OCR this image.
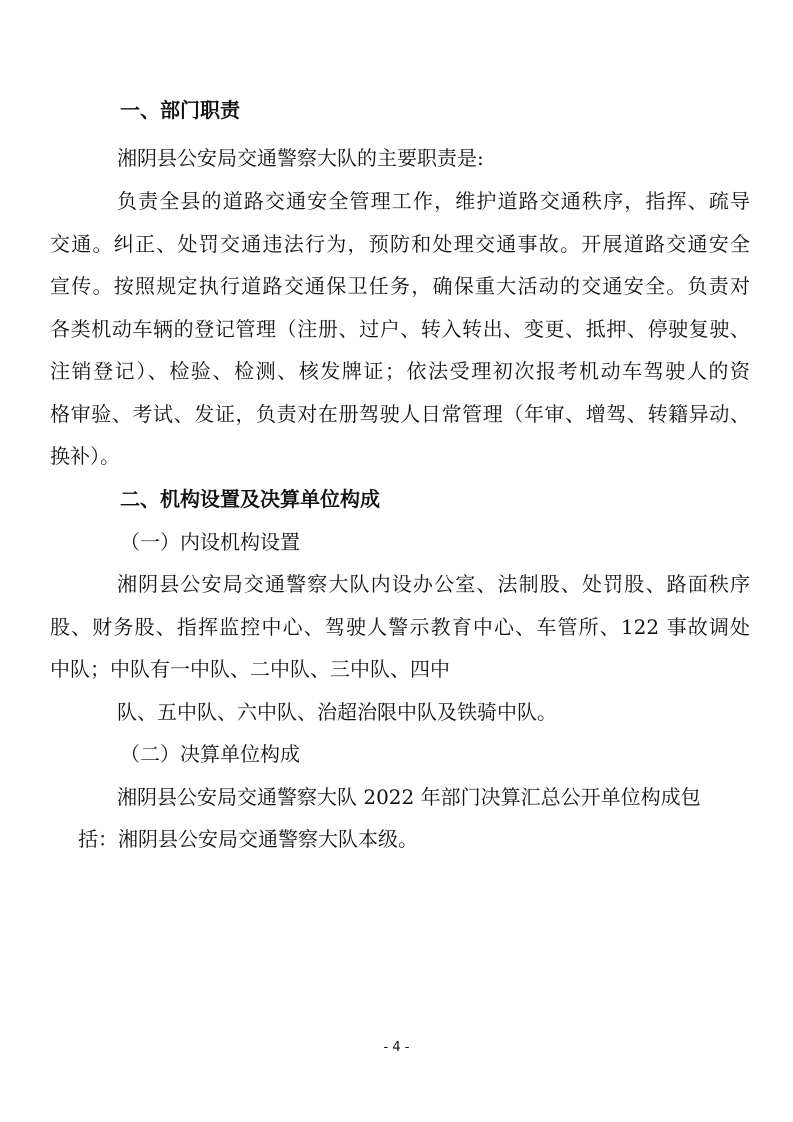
一、部门职责
湘阴县公安局交通警察大队的主要职责是:
负责全县的道路交通安全管理工作，维护道路交通秩序，指挥、疏导
交通。纠正、处罚交通违法行为，预防和处理交通事故。开展道路交通安全
宣传。按照规定执行道路交通保卫任务，确保重大活动的交通安全。负责对
各类机动车辆的登记管理（注册、过户、转入转出、变更、抵押、停驶复驶、
注销登记）、检验、检测、核发牌证；依法受理初次报考机动车驾驶人的资
格审验、考试、发证，负责对在册驾驶人日常管理（年审、增驾、转籍异动、
换补）。
二、机构设置及决算单位构成
（一）内设机构设置
湘阴县公安局交通警察大队内设办公室、法制股、处罚股、路面秩序
股、财务股、指挥监控中心、驾驶人警示教育中心、车管所、122 事故调处
中队；中队有一中队、二中队、三中队、四中
队、五中队、六中队、治超治限中队及铁骑中队。
（二）决算单位构成
湘阴县公安局交通警察大队 2022 年部门决算汇总公开单位构成包
括：湘阴县公安局交通警察大队本级。
- 4 -
